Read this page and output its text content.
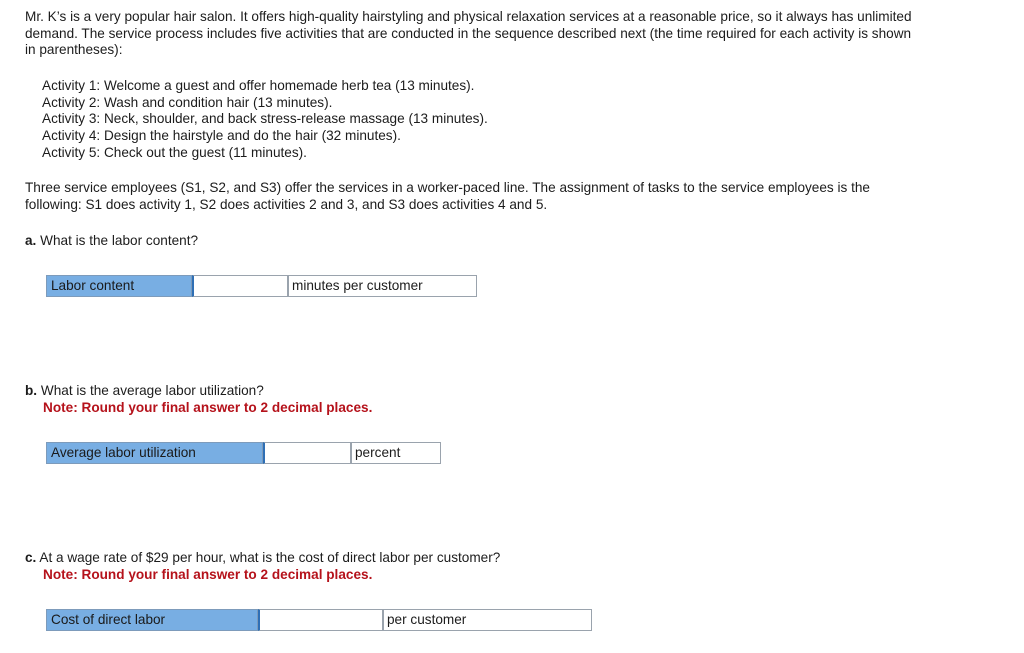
Mr. K’s is a very popular hair salon. It offers high-quality hairstyling and physical relaxation services at a reasonable price, so it always has unlimited demand. The service process includes five activities that are conducted in the sequence described next (the time required for each activity is shown in parentheses):
Activity 1: Welcome a guest and offer homemade herb tea (13 minutes).
Activity 2: Wash and condition hair (13 minutes).
Activity 3: Neck, shoulder, and back stress-release massage (13 minutes).
Activity 4: Design the hairstyle and do the hair (32 minutes).
Activity 5: Check out the guest (11 minutes).
Three service employees (S1, S2, and S3) offer the services in a worker-paced line. The assignment of tasks to the service employees is the following: S1 does activity 1, S2 does activities 2 and 3, and S3 does activities 4 and 5.
a. What is the labor content?
Labor content	minutes per customer
b. What is the average labor utilization?
Note: Round your final answer to 2 decimal places.
Average labor utilization	percent
c. At a wage rate of $29 per hour, what is the cost of direct labor per customer?
Note: Round your final answer to 2 decimal places.
Cost of direct labor	per customer
